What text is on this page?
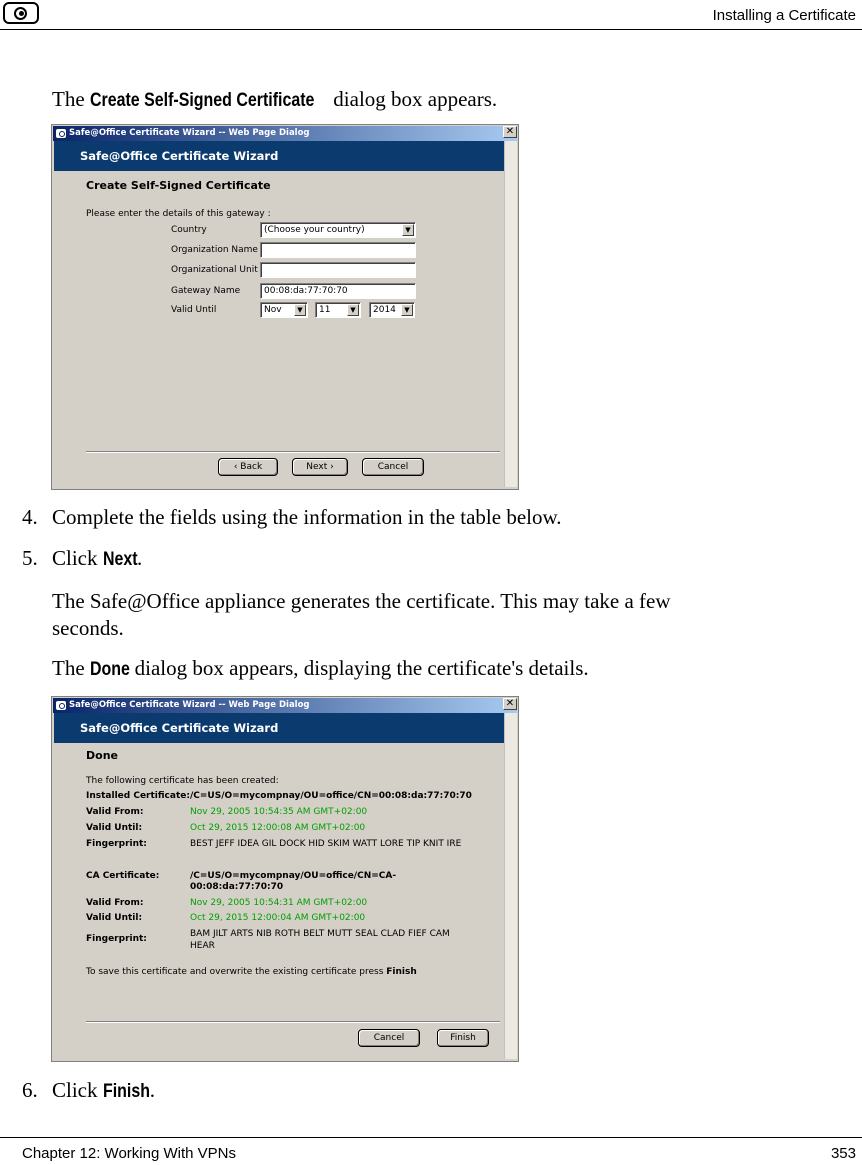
Installing a Certificate
The Create Self-Signed Certificate dialog box appears.
Safe@Office Certificate Wizard -- Web Page Dialog	✕
Safe@Office Certificate Wizard
Create Self-Signed Certificate
Please enter the details of this gateway :
Country	(Choose your country)	▼
Organization Name
Organizational Unit
Gateway Name	00:08:da:77:70:70
Valid Until	Nov	▼	11	▼	2014	▼
‹ Back	Next ›	Cancel
4. Complete the fields using the information in the table below.
5. Click Next.
The Safe@Office appliance generates the certificate. This may take a few
seconds.
The Done dialog box appears, displaying the certificate's details.
Safe@Office Certificate Wizard -- Web Page Dialog	✕
Safe@Office Certificate Wizard
Done
The following certificate has been created:
Installed Certificate: /C=US/O=mycompnay/OU=office/CN=00:08:da:77:70:70
Valid From:	Nov 29, 2005 10:54:35 AM GMT+02:00
Valid Until:	Oct 29, 2015 12:00:08 AM GMT+02:00
Fingerprint:	BEST JEFF IDEA GIL DOCK HID SKIM WATT LORE TIP KNIT IRE
CA Certificate:	/C=US/O=mycompnay/OU=office/CN=CA-
00:08:da:77:70:70
Valid From:	Nov 29, 2005 10:54:31 AM GMT+02:00
Valid Until:	Oct 29, 2015 12:00:04 AM GMT+02:00
Fingerprint:	BAM JILT ARTS NIB ROTH BELT MUTT SEAL CLAD FIEF CAM
HEAR
To save this certificate and overwrite the existing certificate press Finish
Cancel	Finish
6. Click Finish.
Chapter 12: Working With VPNs	353
